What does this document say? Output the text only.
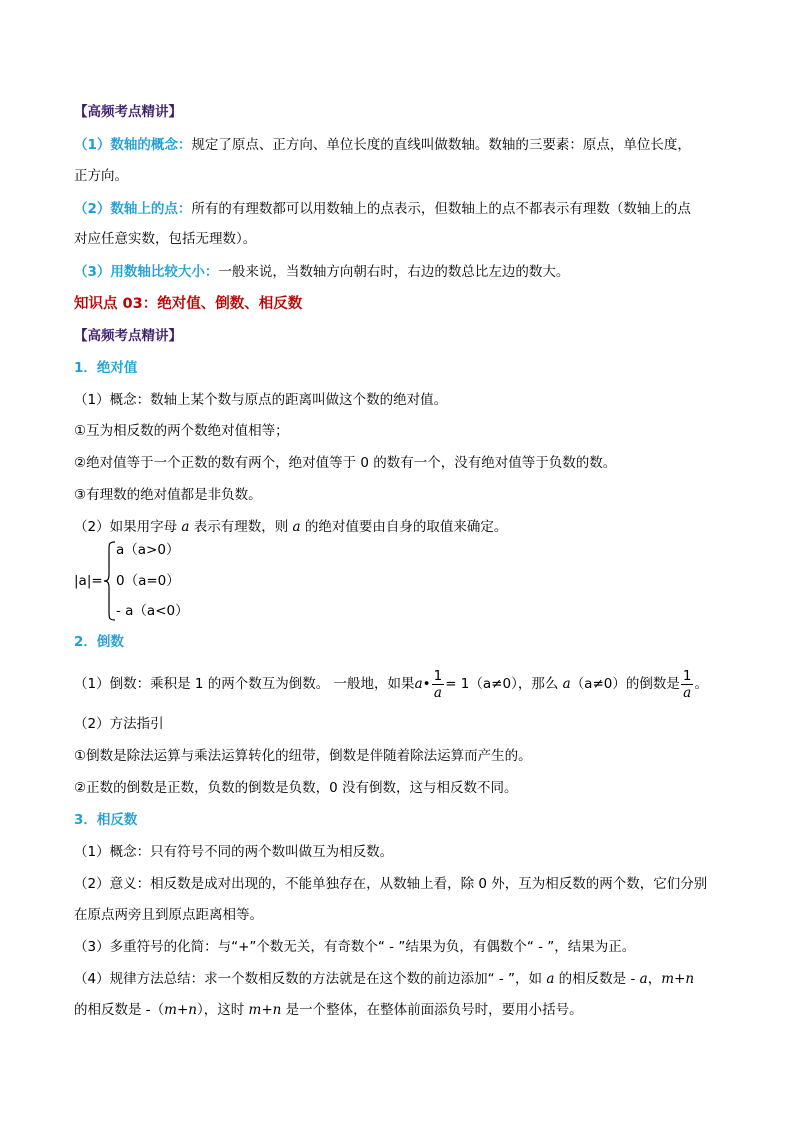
【高频考点精讲】
（1）数轴的概念：规定了原点、正方向、单位长度的直线叫做数轴。数轴的三要素：原点，单位长度，
正方向。
（2）数轴上的点：所有的有理数都可以用数轴上的点表示，但数轴上的点不都表示有理数（数轴上的点
对应任意实数，包括无理数）。
（3）用数轴比较大小：一般来说，当数轴方向朝右时，右边的数总比左边的数大。
知识点 03：绝对值、倒数、相反数
【高频考点精讲】
1．绝对值
（1）概念：数轴上某个数与原点的距离叫做这个数的绝对值。
①互为相反数的两个数绝对值相等；
②绝对值等于一个正数的数有两个，绝对值等于 0 的数有一个，没有绝对值等于负数的数。
③有理数的绝对值都是非负数。
（2）如果用字母 a 表示有理数，则 a 的绝对值要由自身的取值来确定。
|a|=
a（a>0）
0（a=0）
- a（a<0）
2．倒数
（1）倒数：乘积是 1 的两个数互为倒数。 一般地，如果a• $\frac{1}{a} = 1(a\ne 0)$，那么 a（a≠0）的倒数是 $\frac{1}{a}$ 。
（2）方法指引
①倒数是除法运算与乘法运算转化的纽带，倒数是伴随着除法运算而产生的。
②正数的倒数是正数，负数的倒数是负数，0 没有倒数，这与相反数不同。
3．相反数
（1）概念：只有符号不同的两个数叫做互为相反数。
（2）意义：相反数是成对出现的，不能单独存在，从数轴上看，除 0 外，互为相反数的两个数，它们分别
在原点两旁且到原点距离相等。
（3）多重符号的化简：与“+”个数无关，有奇数个“ - ”结果为负，有偶数个“ - ”，结果为正。
（4）规律方法总结：求一个数相反数的方法就是在这个数的前边添加“ - ”，如 a 的相反数是 - a，m+n
的相反数是 -（m+n），这时 m+n 是一个整体，在整体前面添负号时，要用小括号。
